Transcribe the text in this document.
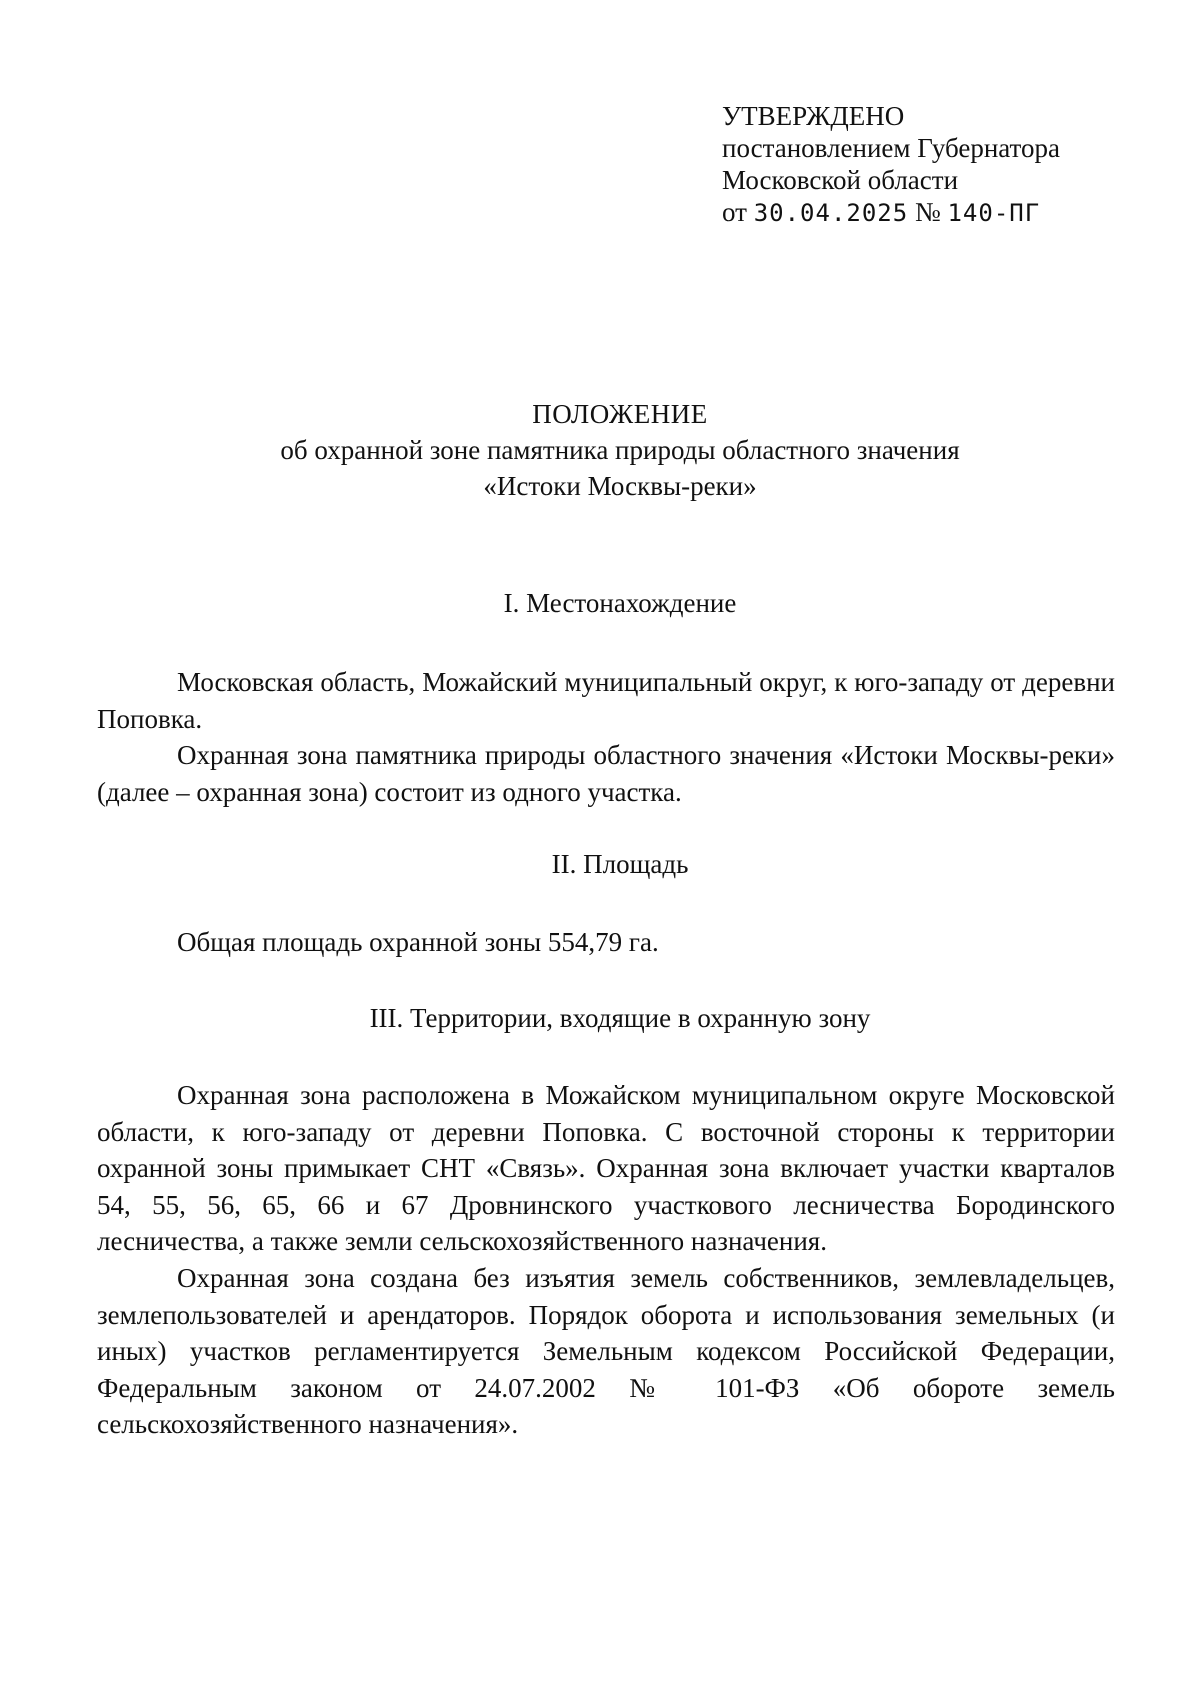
УТВЕРЖДЕНО
постановлением Губернатора
Московской области
от 30.04.2025 № 140-ПГ
ПОЛОЖЕНИЕ
об охранной зоне памятника природы областного значения
«Истоки Москвы-реки»
I. Местонахождение

Московская область, Можайский муниципальный округ, к юго-западу от деревни Поповка.

Охранная зона памятника природы областного значения «Истоки Москвы-реки» (далее – охранная зона) состоит из одного участка.

II. Площадь

Общая площадь охранной зоны 554,79 га.

III. Территории, входящие в охранную зону

Охранная зона расположена в Можайском муниципальном округе Московской области, к юго-западу от деревни Поповка. С восточной стороны к территории охранной зоны примыкает СНТ «Связь». Охранная зона включает участки кварталов 54, 55, 56, 65, 66 и 67 Дровнинского участкового лесничества Бородинского лесничества, а также земли сельскохозяйственного назначения.

Охранная зона создана без изъятия земель собственников, землевладельцев, землепользователей и арендаторов. Порядок оборота и использования земельных (и иных) участков регламентируется Земельным кодексом Российской Федерации, Федеральным законом от 24.07.2002 № 101-ФЗ «Об обороте земель сельскохозяйственного назначения».
